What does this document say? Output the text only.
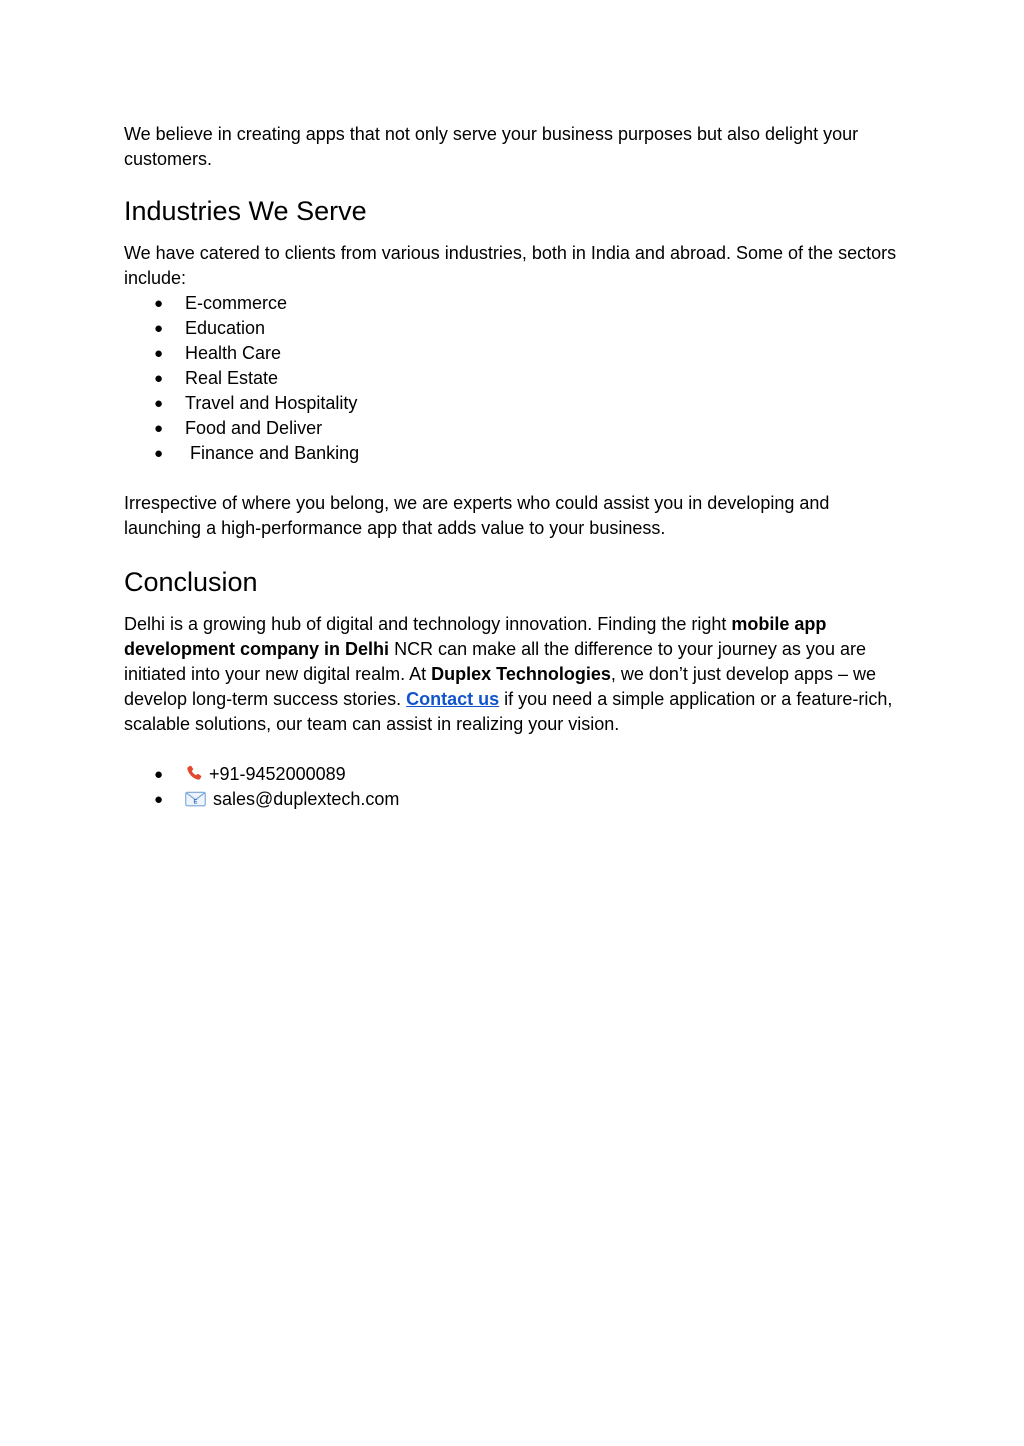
We believe in creating apps that not only serve your business purposes but also delight your customers.

Industries We Serve

We have catered to clients from various industries, both in India and abroad. Some of the sectors include:

● E-commerce
● Education
● Health Care
● Real Estate
● Travel and Hospitality
● Food and Deliver
● Finance and Banking

Irrespective of where you belong, we are experts who could assist you in developing and launching a high-performance app that adds value to your business.

Conclusion

Delhi is a growing hub of digital and technology innovation. Finding the right mobile app development company in Delhi NCR can make all the difference to your journey as you are initiated into your new digital realm. At Duplex Technologies, we don’t just develop apps – we develop long-term success stories. Contact us if you need a simple application or a feature-rich, scalable solutions, our team can assist in realizing your vision.

●	+91-9452000089
●	E sales@duplextech.com
